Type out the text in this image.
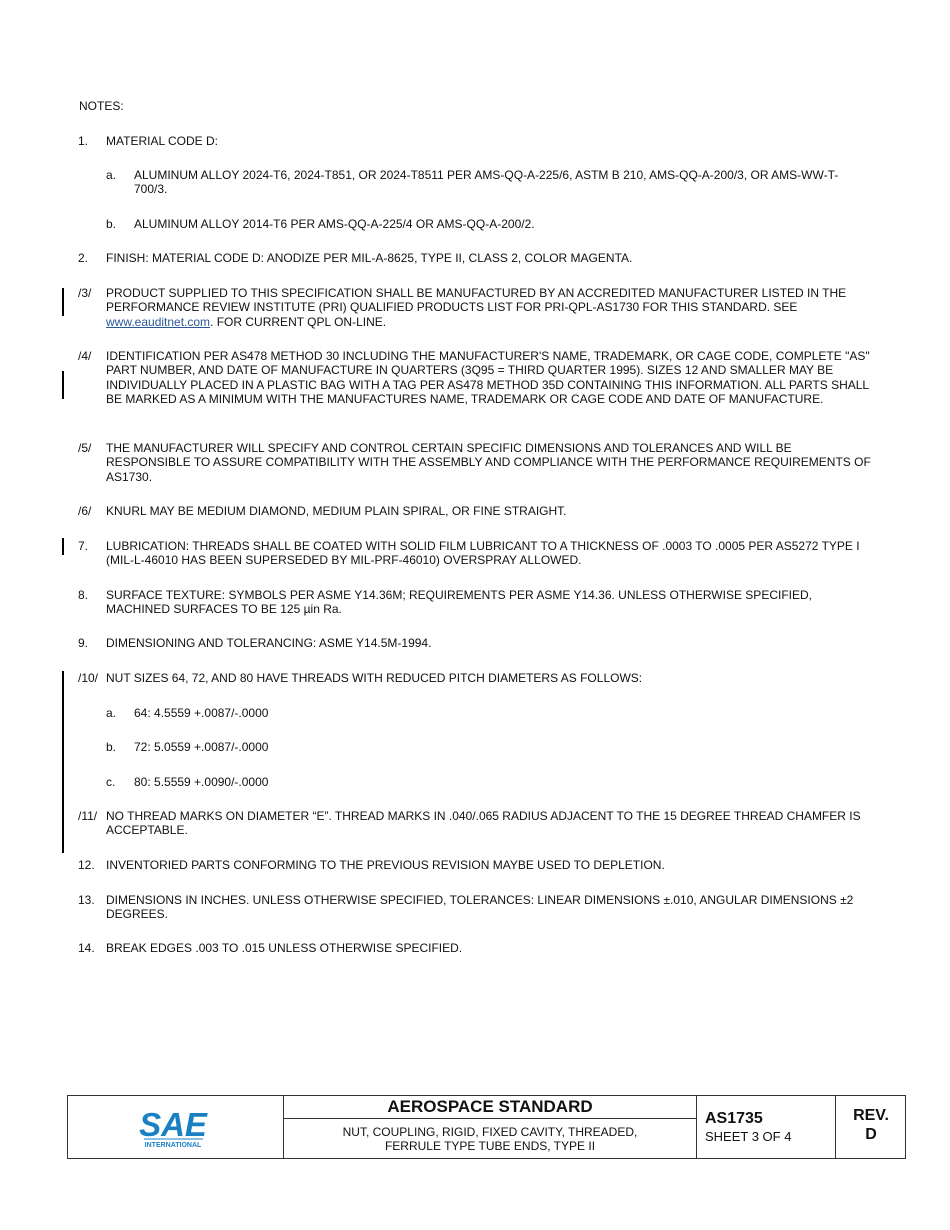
NOTES:
1. MATERIAL CODE D:
a. ALUMINUM ALLOY 2024-T6, 2024-T851, OR 2024-T8511 PER AMS-QQ-A-225/6, ASTM B 210, AMS-QQ-A-200/3, OR AMS-WW-T-700/3.
b. ALUMINUM ALLOY 2014-T6 PER AMS-QQ-A-225/4 OR AMS-QQ-A-200/2.
2. FINISH: MATERIAL CODE D: ANODIZE PER MIL-A-8625, TYPE II, CLASS 2, COLOR MAGENTA.
/3/ PRODUCT SUPPLIED TO THIS SPECIFICATION SHALL BE MANUFACTURED BY AN ACCREDITED MANUFACTURER LISTED IN THE PERFORMANCE REVIEW INSTITUTE (PRI) QUALIFIED PRODUCTS LIST FOR PRI-QPL-AS1730 FOR THIS STANDARD. SEE www.eauditnet.com. FOR CURRENT QPL ON-LINE.
/4/ IDENTIFICATION PER AS478 METHOD 30 INCLUDING THE MANUFACTURER'S NAME, TRADEMARK, OR CAGE CODE, COMPLETE "AS" PART NUMBER, AND DATE OF MANUFACTURE IN QUARTERS (3Q95 = THIRD QUARTER 1995). SIZES 12 AND SMALLER MAY BE INDIVIDUALLY PLACED IN A PLASTIC BAG WITH A TAG PER AS478 METHOD 35D CONTAINING THIS INFORMATION. ALL PARTS SHALL BE MARKED AS A MINIMUM WITH THE MANUFACTURES NAME, TRADEMARK OR CAGE CODE AND DATE OF MANUFACTURE.
/5/ THE MANUFACTURER WILL SPECIFY AND CONTROL CERTAIN SPECIFIC DIMENSIONS AND TOLERANCES AND WILL BE RESPONSIBLE TO ASSURE COMPATIBILITY WITH THE ASSEMBLY AND COMPLIANCE WITH THE PERFORMANCE REQUIREMENTS OF AS1730.
/6/ KNURL MAY BE MEDIUM DIAMOND, MEDIUM PLAIN SPIRAL, OR FINE STRAIGHT.
7. LUBRICATION: THREADS SHALL BE COATED WITH SOLID FILM LUBRICANT TO A THICKNESS OF .0003 TO .0005 PER AS5272 TYPE I (MIL-L-46010 HAS BEEN SUPERSEDED BY MIL-PRF-46010) OVERSPRAY ALLOWED.
8. SURFACE TEXTURE: SYMBOLS PER ASME Y14.36M; REQUIREMENTS PER ASME Y14.36. UNLESS OTHERWISE SPECIFIED, MACHINED SURFACES TO BE 125 µin Ra.
9. DIMENSIONING AND TOLERANCING: ASME Y14.5M-1994.
/10/ NUT SIZES 64, 72, AND 80 HAVE THREADS WITH REDUCED PITCH DIAMETERS AS FOLLOWS:
a. 64: 4.5559 +.0087/-.0000
b. 72: 5.0559 +.0087/-.0000
c. 80: 5.5559 +.0090/-.0000
/11/ NO THREAD MARKS ON DIAMETER “E”. THREAD MARKS IN .040/.065 RADIUS ADJACENT TO THE 15 DEGREE THREAD CHAMFER IS ACCEPTABLE.
12. INVENTORIED PARTS CONFORMING TO THE PREVIOUS REVISION MAYBE USED TO DEPLETION.
13. DIMENSIONS IN INCHES. UNLESS OTHERWISE SPECIFIED, TOLERANCES: LINEAR DIMENSIONS ±.010, ANGULAR DIMENSIONS ±2 DEGREES.
14. BREAK EDGES .003 TO .015 UNLESS OTHERWISE SPECIFIED.
SAE
INTERNATIONAL
AEROSPACE STANDARD
NUT, COUPLING, RIGID, FIXED CAVITY, THREADED,
FERRULE TYPE TUBE ENDS, TYPE II
AS1735
SHEET 3 OF 4
REV.
D
